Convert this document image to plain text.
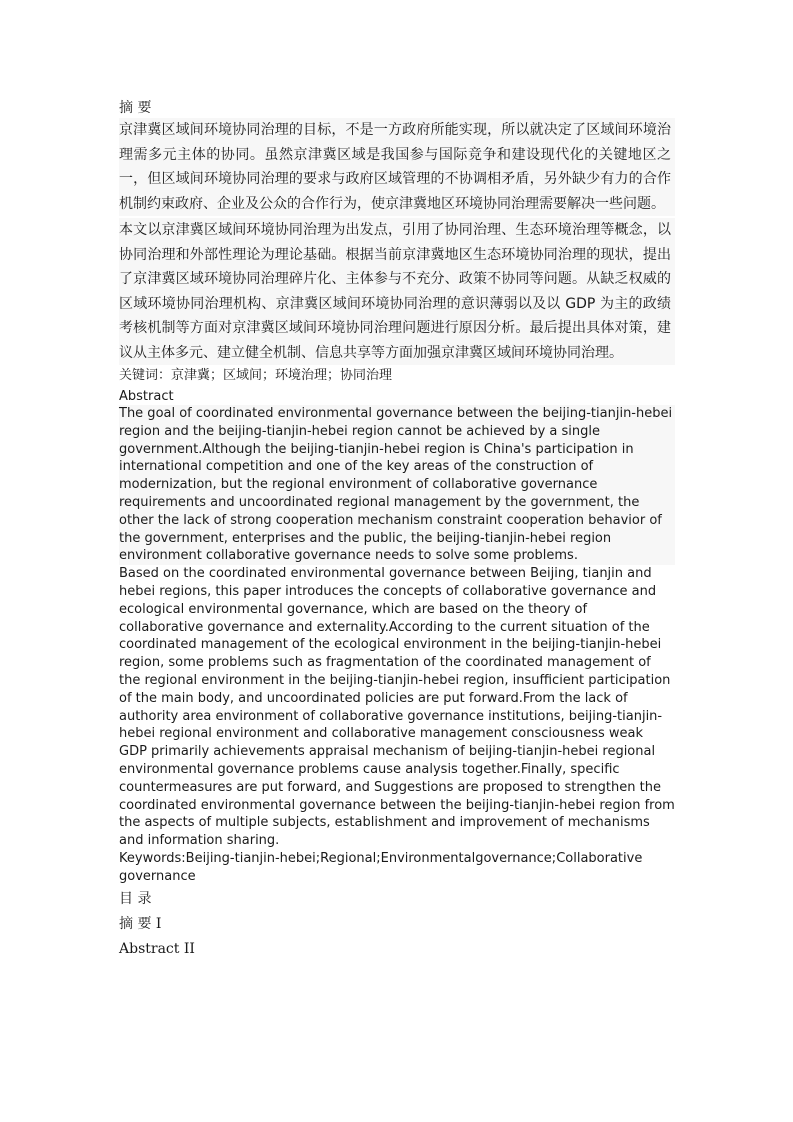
摘 要

京津冀区域间环境协同治理的目标，不是一方政府所能实现，所以就决定了区域间环境治理需多元主体的协同。虽然京津冀区域是我国参与国际竞争和建设现代化的关键地区之一，但区域间环境协同治理的要求与政府区域管理的不协调相矛盾，另外缺少有力的合作机制约束政府、企业及公众的合作行为，使京津冀地区环境协同治理需要解决一些问题。

本文以京津冀区域间环境协同治理为出发点，引用了协同治理、生态环境治理等概念，以协同治理和外部性理论为理论基础。根据当前京津冀地区生态环境协同治理的现状，提出了京津冀区域环境协同治理碎片化、主体参与不充分、政策不协同等问题。从缺乏权威的区域环境协同治理机构、京津冀区域间环境协同治理的意识薄弱以及以 GDP 为主的政绩考核机制等方面对京津冀区域间环境协同治理问题进行原因分析。最后提出具体对策，建议从主体多元、建立健全机制、信息共享等方面加强京津冀区域间环境协同治理。

关键词：京津冀；区域间；环境治理；协同治理

Abstract

The goal of coordinated environmental governance between the beijing-tianjin-hebei region and the beijing-tianjin-hebei region cannot be achieved by a single government.Although the beijing-tianjin-hebei region is China's participation in international competition and one of the key areas of the construction of modernization, but the regional environment of collaborative governance requirements and uncoordinated regional management by the government, the other the lack of strong cooperation mechanism constraint cooperation behavior of the government, enterprises and the public, the beijing-tianjin-hebei region environment collaborative governance needs to solve some problems.

Based on the coordinated environmental governance between Beijing, tianjin and hebei regions, this paper introduces the concepts of collaborative governance and ecological environmental governance, which are based on the theory of collaborative governance and externality.According to the current situation of the coordinated management of the ecological environment in the beijing-tianjin-hebei region, some problems such as fragmentation of the coordinated management of the regional environment in the beijing-tianjin-hebei region, insufficient participation of the main body, and uncoordinated policies are put forward.From the lack of authority area environment of collaborative governance institutions, beijing-tianjin-hebei regional environment and collaborative management consciousness weak GDP primarily achievements appraisal mechanism of beijing-tianjin-hebei regional environmental governance problems cause analysis together.Finally, specific countermeasures are put forward, and Suggestions are proposed to strengthen the coordinated environmental governance between the beijing-tianjin-hebei region from the aspects of multiple subjects, establishment and improvement of mechanisms and information sharing.

Keywords:Beijing-tianjin-hebei;Regional;Environmentalgovernance;Collaborative governance

目 录

摘 要 I

Abstract II
